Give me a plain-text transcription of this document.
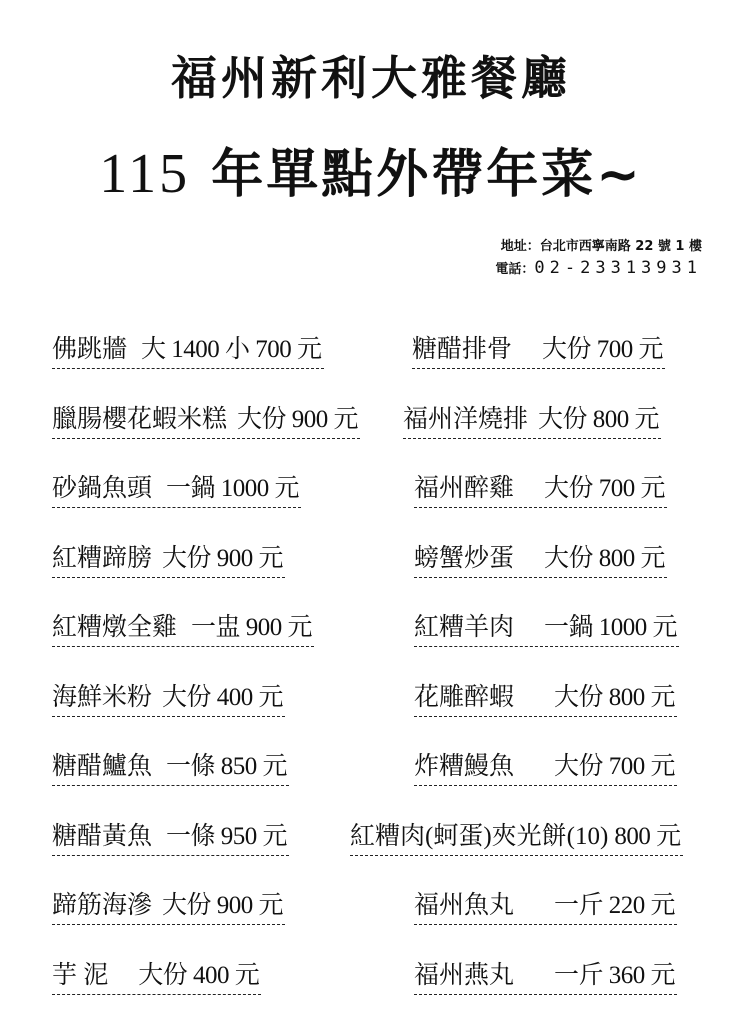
福州新利大雅餐廳
115 年單點外帶年菜~
地址：台北市西寧南路 22 號 1 樓
電話：02-23313931
佛跳牆 大 1400 小 700 元	糖醋排骨 大份 700 元
臘腸櫻花蝦米糕 大份 900 元 福州洋燒排 大份 800 元
砂鍋魚頭 一鍋 1000 元	福州醉雞 大份 700 元
紅糟蹄膀 大份 900 元	螃蟹炒蛋 大份 800 元
紅糟燉全雞 一盅 900 元	紅糟羊肉 一鍋 1000 元
海鮮米粉 大份 400 元	花雕醉蝦 大份 800 元
糖醋鱸魚 一條 850 元	炸糟鰻魚 大份 700 元
糖醋黃魚 一條 950 元	紅糟肉(蚵蛋)夾光餅(10) 800 元
蹄筋海滲 大份 900 元	福州魚丸 一斤 220 元
芋 泥 大份 400 元	福州燕丸 一斤 360 元
